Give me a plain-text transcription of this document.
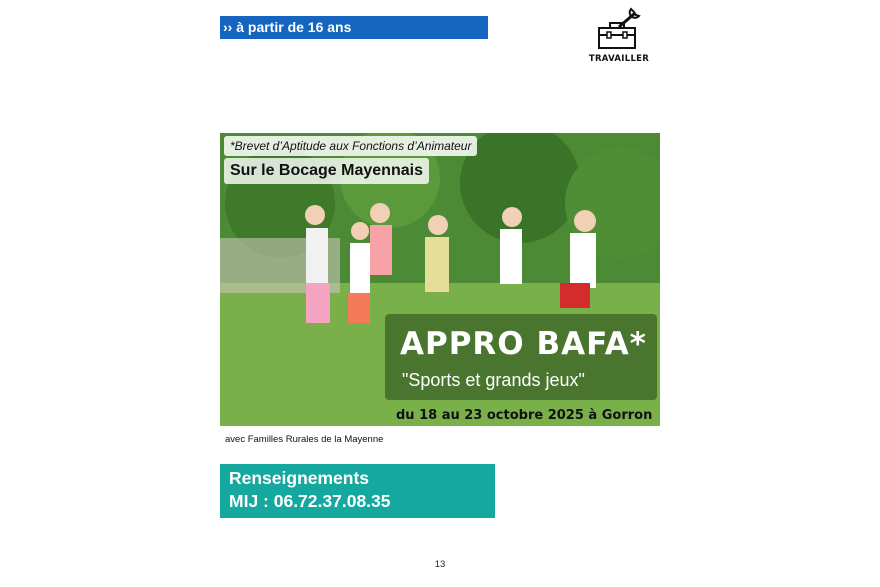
›› à partir de 16 ans
TRAVAILLER
*Brevet d’Aptitude aux Fonctions d’Animateur
Sur le Bocage Mayennais
APPRO BAFA*
"Sports et grands jeux"
du 18 au 23 octobre 2025 à Gorron
avec Familles Rurales de la Mayenne
Renseignements
MIJ : 06.72.37.08.35
13
